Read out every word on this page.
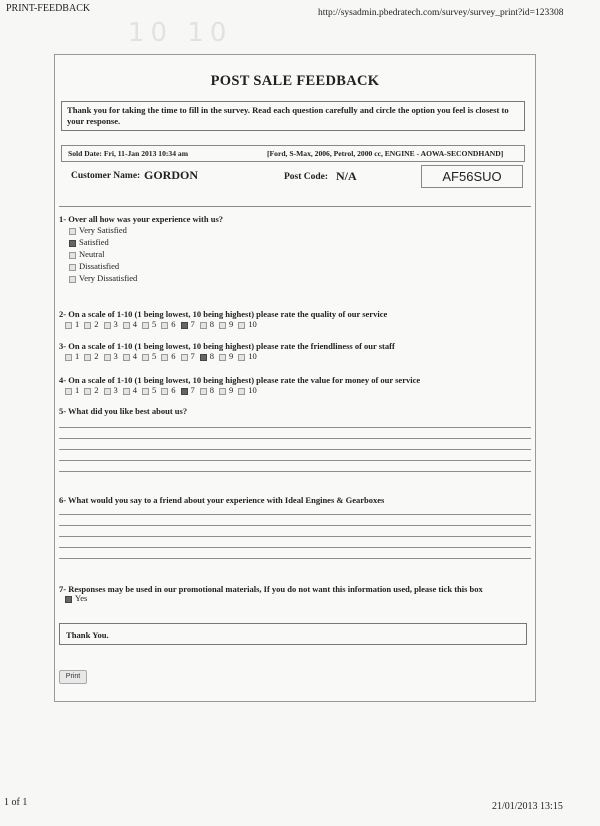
PRINT-FEEDBACK	http://sysadmin.pbedratech.com/survey/survey_print?id=123308
10 10
POST SALE FEEDBACK
Thank you for taking the time to fill in the survey. Read each question carefully and circle the option you feel is closest to your response.
Sold Date: Fri, 11-Jan 2013 10:34 am	[Ford, S-Max, 2006, Petrol, 2000 cc, ENGINE - AOWA-SECONDHAND]
Customer Name: GORDON	Post Code: N/A	AF56SUO
1- Over all how was your experience with us?
Very Satisfied
Satisfied
Neutral
Dissatisfied
Very Dissatisfied
2- On a scale of 1-10 (1 being lowest, 10 being highest) please rate the quality of our service
1 2 3 4 5 6 7 8 9 10
3- On a scale of 1-10 (1 being lowest, 10 being highest) please rate the friendliness of our staff
1 2 3 4 5 6 7 8 9 10
4- On a scale of 1-10 (1 being lowest, 10 being highest) please rate the value for money of our service
1 2 3 4 5 6 7 8 9 10
5- What did you like best about us?
6- What would you say to a friend about your experience with Ideal Engines & Gearboxes
7- Responses may be used in our promotional materials, If you do not want this information used, please tick this box
Yes
Thank You.
Print
1 of 1	21/01/2013 13:15
